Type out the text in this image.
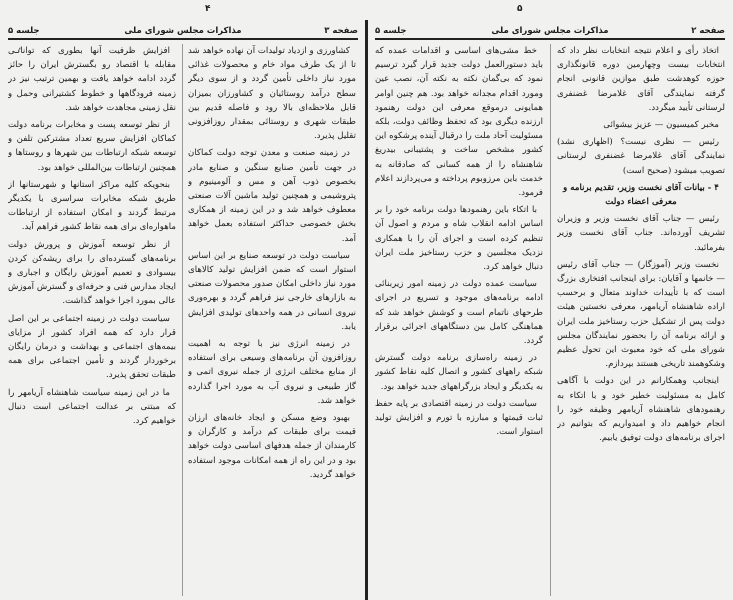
۴
صفحه ۳
مذاکرات مجلس شورای ملی
جلسه ۵

کشاورزی و ازدیاد تولیدات آن نهاده خواهد شد تا از یک طرف مواد خام و محصولات غذائی مورد نیاز داخلی تأمین گردد و از سوی دیگر سطح درآمد روستائیان و کشاورزان بمیزان قابل ملاحظه‌ای بالا رود و فاصله قدیم بین طبقات شهری و روستائی بمقدار روزافزونی تقلیل پذیرد.

در زمینه صنعت و معدن توجه دولت کماکان در جهت تأمین صنایع سنگین و صنایع مادر بخصوص ذوب آهن و مس و آلومینیوم و پتروشیمی و همچنین تولید ماشین آلات صنعتی معطوف خواهد شد و در این زمینه از همکاری بخش خصوصی حداکثر استفاده بعمل خواهد آمد.

سیاست دولت در توسعه صنایع بر این اساس استوار است که ضمن افزایش تولید کالاهای مورد نیاز داخلی امکان صدور محصولات صنعتی به بازارهای خارجی نیز فراهم گردد و بهره‌وری نیروی انسانی در همه واحدهای تولیدی افزایش یابد.

در زمینه انرژی نیز با توجه به اهمیت روزافزون آن برنامه‌های وسیعی برای استفاده از منابع مختلف انرژی از جمله نیروی اتمی و گاز طبیعی و نیروی آب به مورد اجرا گذارده خواهد شد.

بهبود وضع مسکن و ایجاد خانه‌های ارزان قیمت برای طبقات کم درآمد و کارگران و کارمندان از جمله هدفهای اساسی دولت خواهد بود و در این راه از همه امکانات موجود استفاده خواهد گردید.

افزایش ظرفیت آنها بطوری که تواناٸی مقابله با اقتصاد رو بگسترش ایران را حائز گردد ادامه خواهد یافت و بهمین ترتیب نیز در زمینه فرودگاهها و خطوط کشتیرانی وحمل و نقل زمینی مجاهدت خواهد شد.

از نظر توسعه پست و مخابرات برنامه دولت کماکان افزایش سریع تعداد مشترکین تلفن و توسعه شبکه ارتباطات بین شهرها و روستاها و همچنین ارتباطات بین‌المللی خواهد بود.

بنحویکه کلیه مراکز استانها و شهرستانها از طریق شبکه مخابرات سراسری با یکدیگر مرتبط گردند و امکان استفاده از ارتباطات ماهواره‌ای برای همه نقاط کشور فراهم آید.

از نظر توسعه آموزش و پرورش دولت برنامه‌های گسترده‌ای را برای ریشه‌کن کردن بیسوادی و تعمیم آموزش رایگان و اجباری و ایجاد مدارس فنی و حرفه‌ای و گسترش آموزش عالی بمورد اجرا خواهد گذاشت.

سیاست دولت در زمینه اجتماعی بر این اصل قرار دارد که همه افراد کشور از مزایای بیمه‌های اجتماعی و بهداشت و درمان رایگان برخوردار گردند و تأمین اجتماعی برای همه طبقات تحقق پذیرد.

ما در این زمینه سیاست شاهنشاه آریامهر را که مبتنی بر عدالت اجتماعی است دنبال خواهیم کرد.

۵
صفحه ۲
مذاکرات مجلس شورای ملی
جلسه ۵

اتخاذ رأی و اعلام نتیجه انتخابات نظر داد که انتخابات بیست وچهارمین دوره قانونگذاری حوزه کوهدشت طبق موازین قانونی انجام گرفته نمایندگی آقای غلامرضا غضنفری لرستانی تأیید میگردد.

مخبر کمیسیون — عزیز بیشوائی

رئیس — نظری نیست؟ (اظهاری نشد) نمایندگی آقای غلامرضا غضنفری لرستانی تصویب میشود (صحیح است)

۴ - بیانات آقای نخست وزیر، تقدیم برنامه و معرفی اعضاء دولت

رئیس — جناب آقای نخست وزیر و وزیران تشریف آورده‌اند. جناب آقای نخست وزیر بفرمائید.

نخست وزیر (آموزگار) — جناب آقای رئیس — خانمها و آقایان: برای اینجانب افتخاری بزرگ است که با تأییدات خداوند متعال و برحسب اراده شاهنشاه آریامهر، معرفی نخستین هیئت دولت پس از تشکیل حزب رستاخیز ملت ایران و ارائه برنامه آن را بحضور نمایندگان مجلس شورای ملی که خود معبوث این تحول عظیم وشکوهمند تاریخی هستند بپردازم.

اینجانب وهمکارانم در این دولت با آگاهی کامل به مسئولیت خطیر خود و با اتکاء به رهنمودهای شاهنشاه آریامهر وظیفه خود را انجام خواهیم داد و امیدواریم که بتوانیم در اجرای برنامه‌های دولت توفیق یابیم.

خط مشی‌های اساسی و اقدامات عمده که باید دستورالعمل دولت جدید قرار گیرد ترسیم نمود که بی‌گمان نکته به نکته آن، نصب عین ومورد اقدام مجدانه خواهد بود. هم چنین اوامر همایونی درموقع معرفی این دولت رهنمود ارزنده دیگری بود که تحفظ وظائف دولت، بلکه مسئولیت آحاد ملت را درقبال آینده پرشکوه این کشور مشخص ساخت و پشتیبانی بیدریغ شاهنشاه را از همه کسانی که صادقانه به خدمت باین مرزوبوم پرداخته و می‌پردازند اعلام فرمود.

با اتکاء باین رهنمودها دولت برنامه خود را بر اساس ادامه انقلاب شاه و مردم و اصول آن تنظیم کرده است و اجرای آن را با همکاری نزدیک مجلسین و حزب رستاخیز ملت ایران دنبال خواهد کرد.

سیاست عمده دولت در زمینه امور زیربنائی ادامه برنامه‌های موجود و تسریع در اجرای طرحهای ناتمام است و کوشش خواهد شد که هماهنگی کامل بین دستگاههای اجرائی برقرار گردد.

در زمینه راه‌سازی برنامه دولت گسترش شبکه راههای کشور و اتصال کلیه نقاط کشور به یکدیگر و ایجاد بزرگراههای جدید خواهد بود.

سیاست دولت در زمینه اقتصادی بر پایه حفظ ثبات قیمتها و مبارزه با تورم و افزایش تولید استوار است.
